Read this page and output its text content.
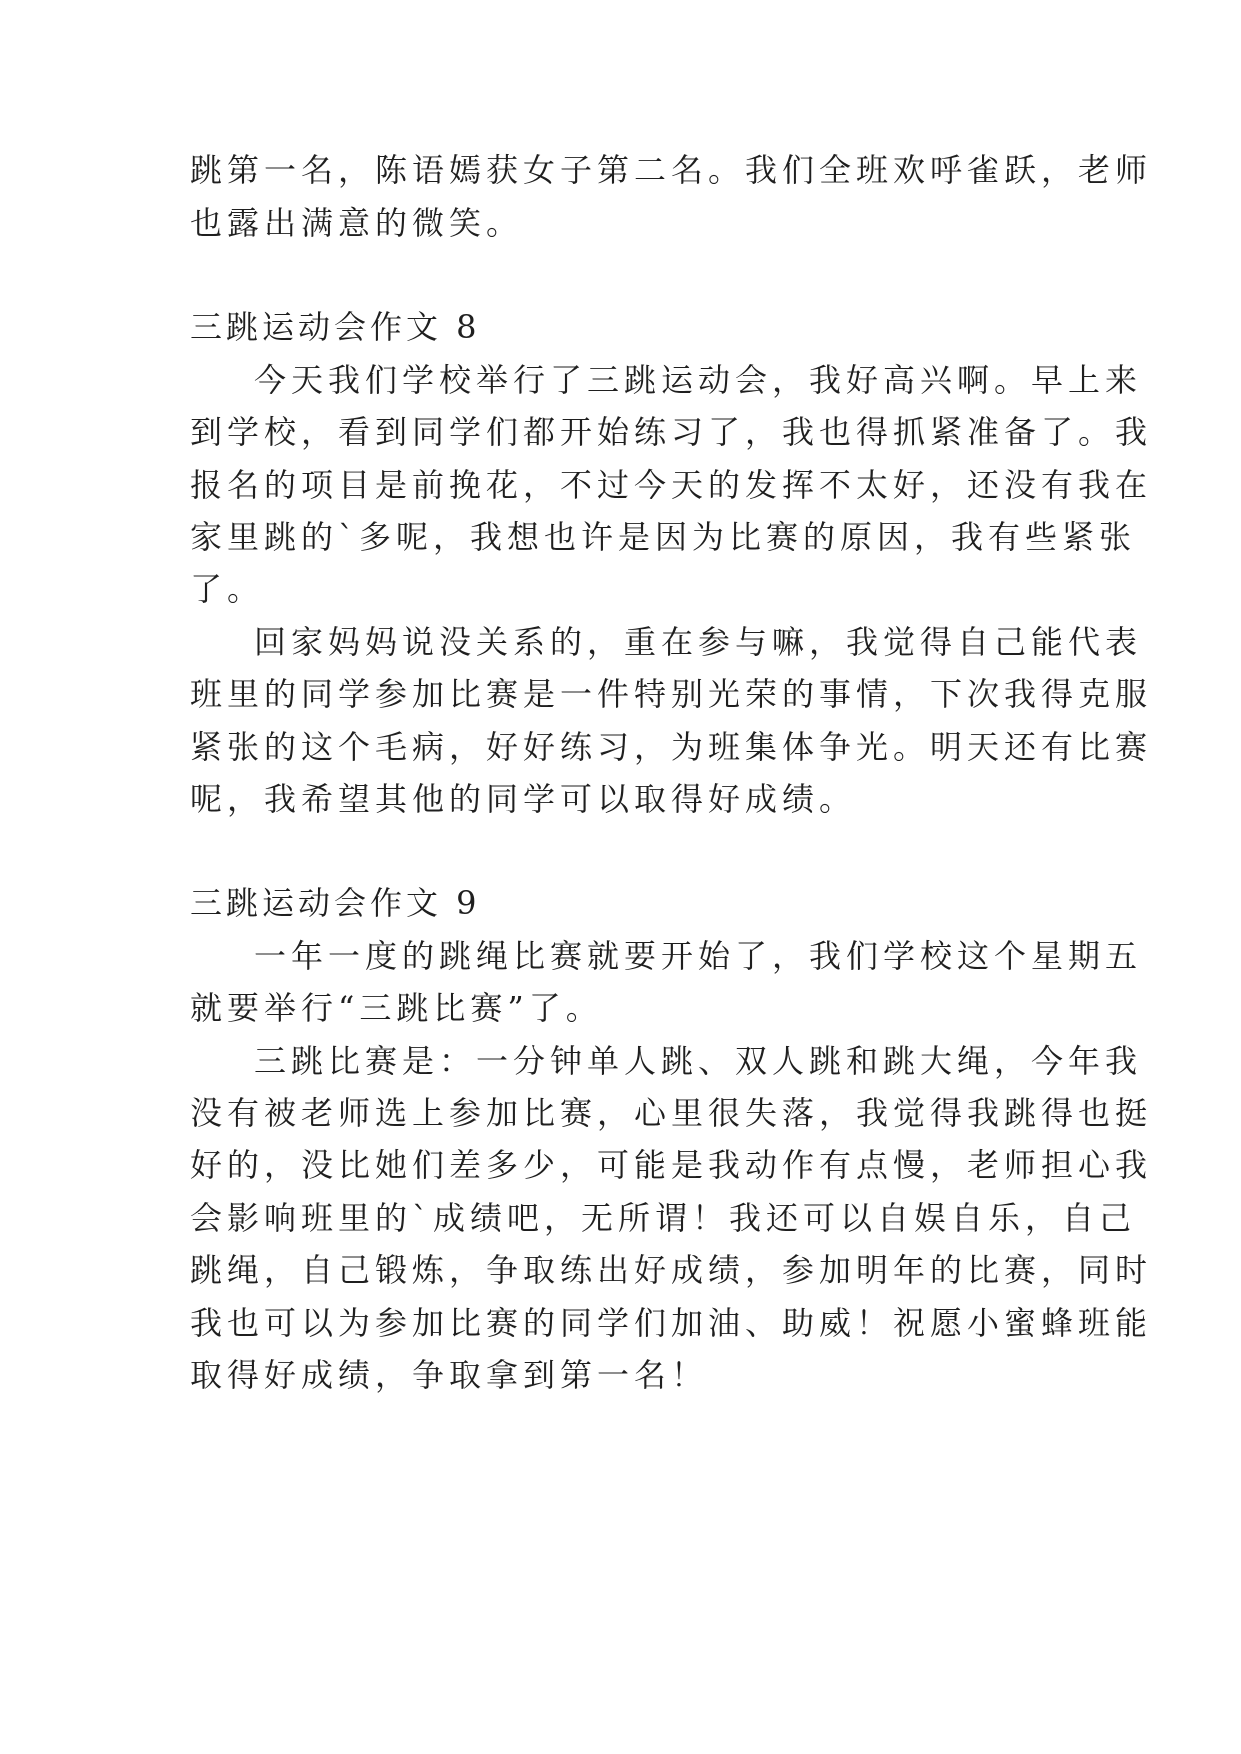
跳第一名，陈语嫣获女子第二名。我们全班欢呼雀跃，老师
也露出满意的微笑。
三跳运动会作文 8
今天我们学校举行了三跳运动会，我好高兴啊。早上来
到学校，看到同学们都开始练习了，我也得抓紧准备了。我
报名的项目是前挽花，不过今天的发挥不太好，还没有我在
家里跳的`多呢，我想也许是因为比赛的原因，我有些紧张
了。
回家妈妈说没关系的，重在参与嘛，我觉得自己能代表
班里的同学参加比赛是一件特别光荣的事情，下次我得克服
紧张的这个毛病，好好练习，为班集体争光。明天还有比赛
呢，我希望其他的同学可以取得好成绩。
三跳运动会作文 9
一年一度的跳绳比赛就要开始了，我们学校这个星期五
就要举行“三跳比赛”了。
三跳比赛是：一分钟单人跳、双人跳和跳大绳，今年我
没有被老师选上参加比赛，心里很失落，我觉得我跳得也挺
好的，没比她们差多少，可能是我动作有点慢，老师担心我
会影响班里的`成绩吧，无所谓！我还可以自娱自乐，自己
跳绳，自己锻炼，争取练出好成绩，参加明年的比赛，同时
我也可以为参加比赛的同学们加油、助威！祝愿小蜜蜂班能
取得好成绩，争取拿到第一名！
